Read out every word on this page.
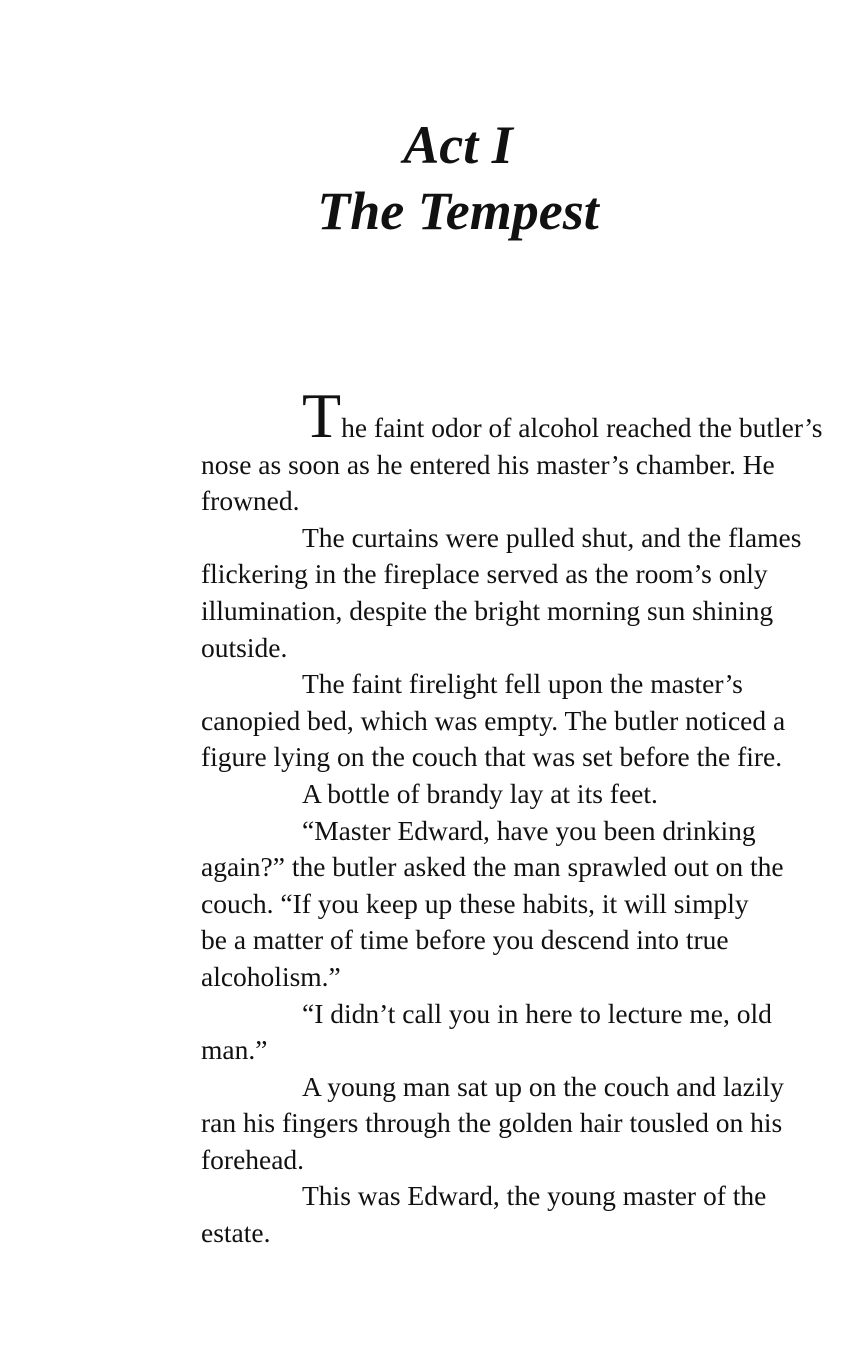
Act I
The Tempest
The faint odor of alcohol reached the butler’s
nose as soon as he entered his master’s chamber. He
frowned.
The curtains were pulled shut, and the flames
flickering in the fireplace served as the room’s only
illumination, despite the bright morning sun shining
outside.
The faint firelight fell upon the master’s
canopied bed, which was empty. The butler noticed a
figure lying on the couch that was set before the fire.
A bottle of brandy lay at its feet.
“Master Edward, have you been drinking
again?” the butler asked the man sprawled out on the
couch. “If you keep up these habits, it will simply
be a matter of time before you descend into true
alcoholism.”
“I didn’t call you in here to lecture me, old
man.”
A young man sat up on the couch and lazily
ran his fingers through the golden hair tousled on his
forehead.
This was Edward, the young master of the
estate.
